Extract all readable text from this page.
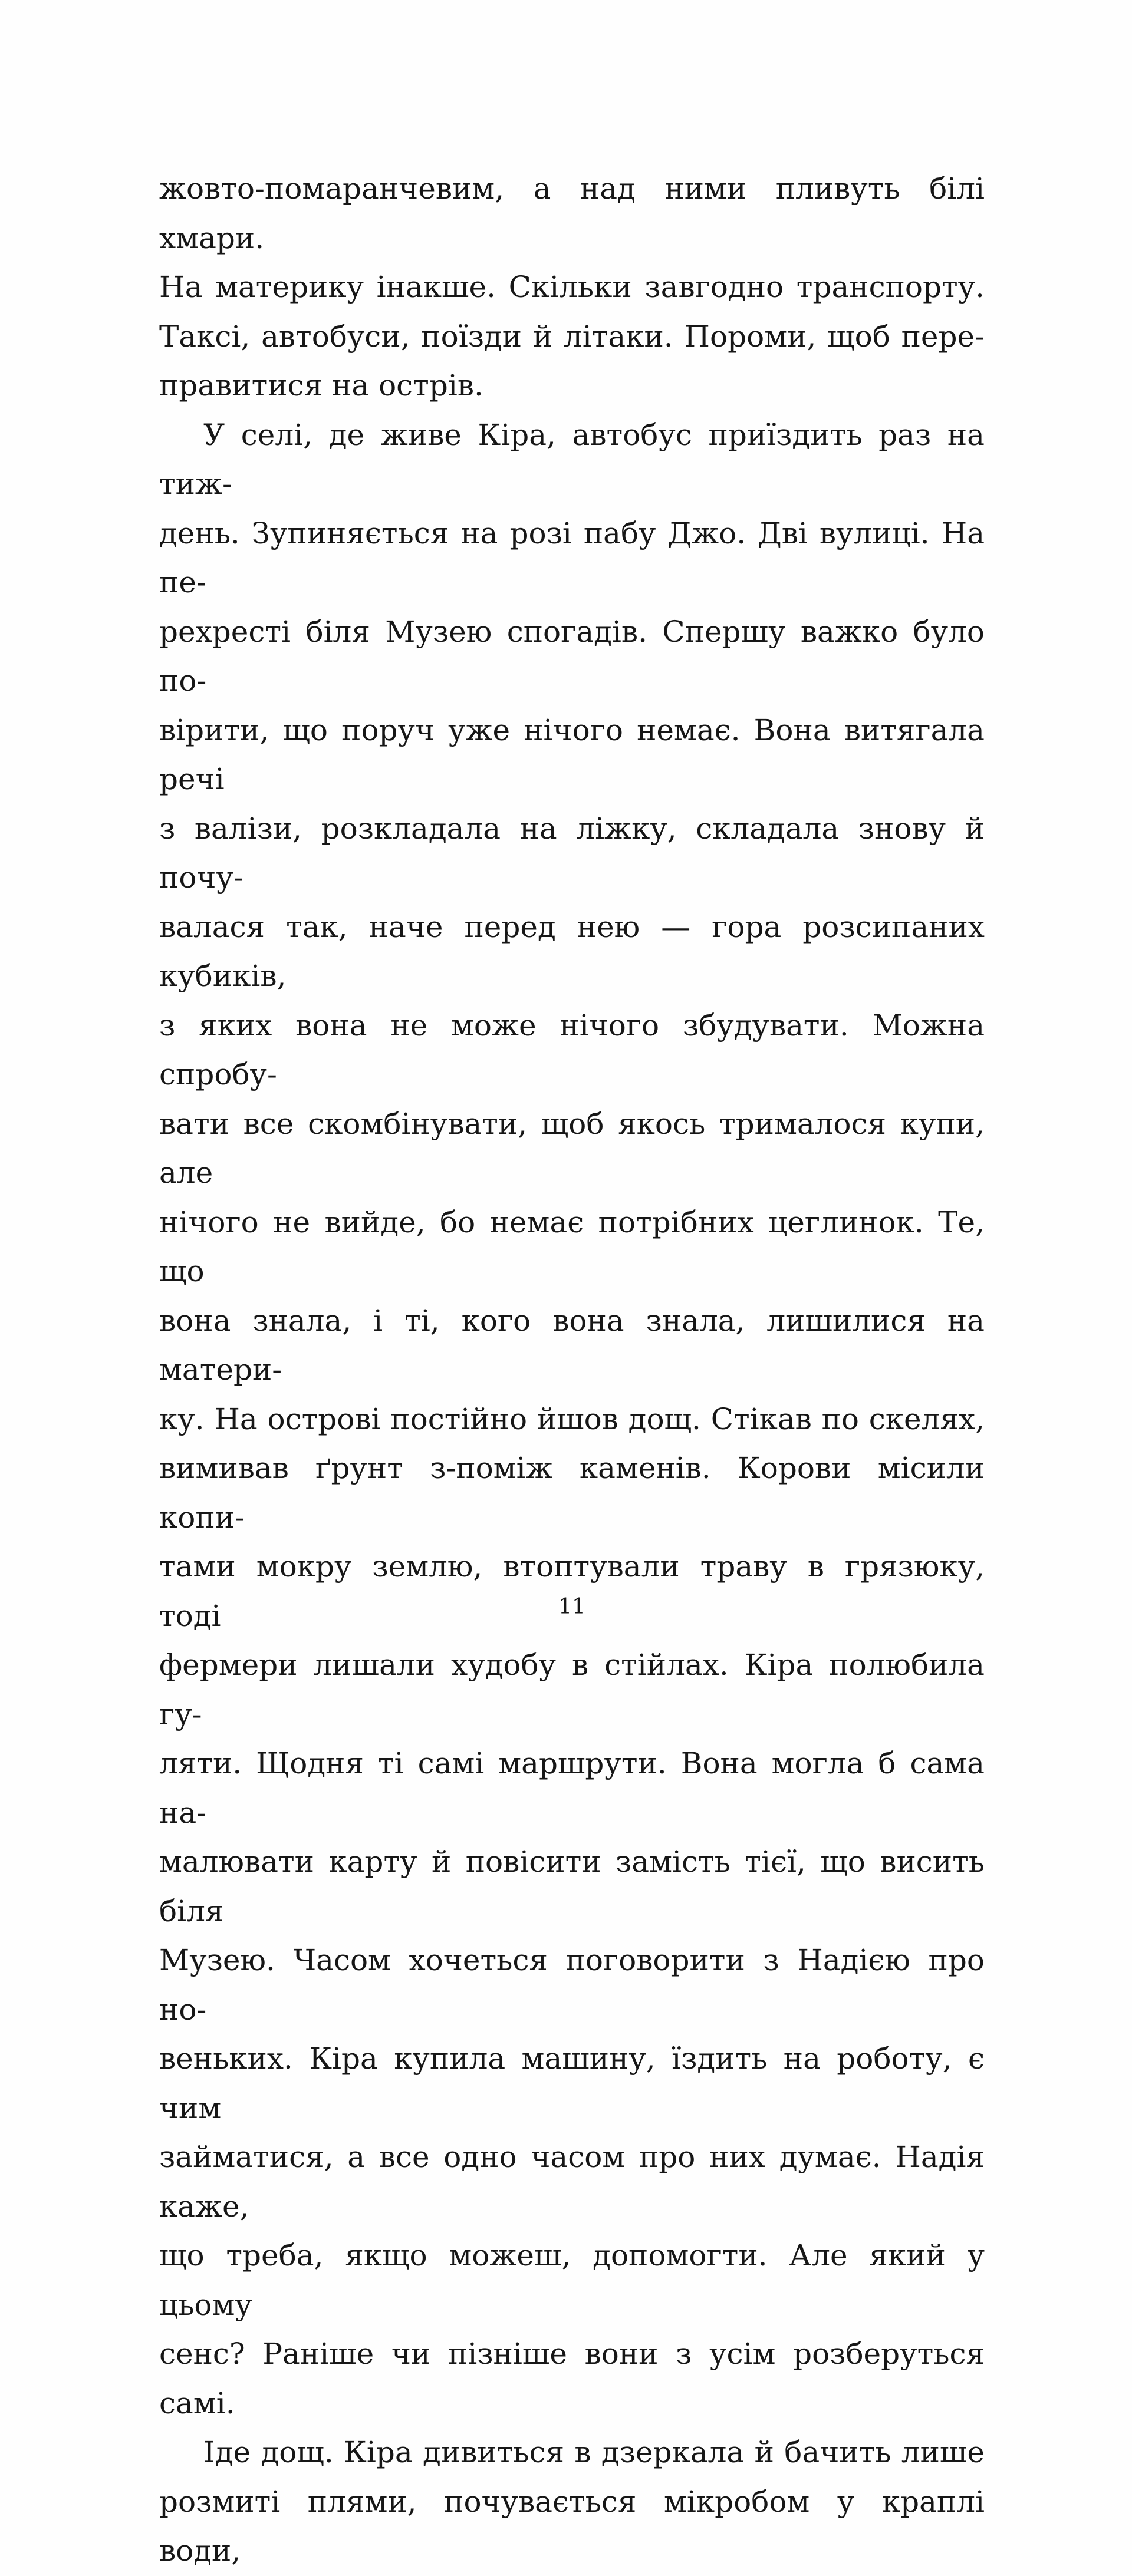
жовто-помаранчевим, а над ними пливуть білі хмари.
На материку інакше. Скільки завгодно транспорту.
Таксі, автобуси, поїзди й літаки. Пороми, щоб пере-
правитися на острів.
У селі, де живе Кіра, автобус приїздить раз на тиж-
день. Зупиняється на розі пабу Джо. Дві вулиці. На пе-
рехресті біля Музею спогадів. Спершу важко було по-
вірити, що поруч уже нічого немає. Вона витягала речі
з валізи, розкладала на ліжку, складала знову й почу-
валася так, наче перед нею — гора розсипаних кубиків,
з яких вона не може нічого збудувати. Можна спробу-
вати все скомбінувати, щоб якось трималося купи, але
нічого не вийде, бо немає потрібних цеглинок. Те, що
вона знала, і ті, кого вона знала, лишилися на матери-
ку. На острові постійно йшов дощ. Стікав по скелях,
вимивав ґрунт з-поміж каменів. Корови місили копи-
тами мокру землю, втоптували траву в грязюку, тоді
фермери лишали худобу в стійлах. Кіра полюбила гу-
ляти. Щодня ті самі маршрути. Вона могла б сама на-
малювати карту й повісити замість тієї, що висить біля
Музею. Часом хочеться поговорити з Надією про но-
веньких. Кіра купила машину, їздить на роботу, є чим
займатися, а все одно часом про них думає. Надія каже,
що треба, якщо можеш, допомогти. Але який у цьому
сенс? Раніше чи пізніше вони з усім розберуться самі.
Іде дощ. Кіра дивиться в дзеркала й бачить лише
розмиті плями, почувається мікробом у краплі води,
11
